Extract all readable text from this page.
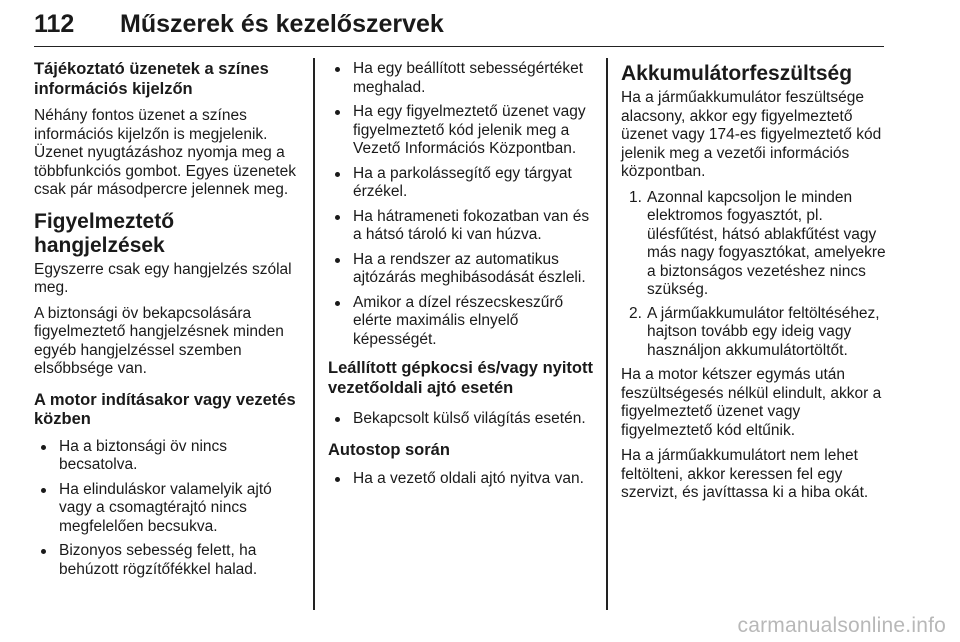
112 Műszerek és kezelőszervek
Tájékoztató üzenetek a színes információs kijelzőn

Néhány fontos üzenet a színes információs kijelzőn is megjelenik. Üzenet nyugtázáshoz nyomja meg a többfunkciós gombot. Egyes üzenetek csak pár másodpercre jelennek meg.

Figyelmeztető hangjelzések

Egyszerre csak egy hangjelzés szólal meg.

A biztonsági öv bekapcsolására figyelmeztető hangjelzésnek minden egyéb hangjelzéssel szemben elsőbbsége van.

A motor indításakor vagy vezetés közben
Ha a biztonsági öv nincs becsatolva.
Ha elinduláskor valamelyik ajtó vagy a csomagtérajtó nincs megfelelően becsukva.
Bizonyos sebesség felett, ha behúzott rögzítőfékkel halad.
Ha egy beállított sebességértéket meghalad.
Ha egy figyelmeztető üzenet vagy figyelmeztető kód jelenik meg a Vezető Információs Központban.
Ha a parkolássegítő egy tárgyat érzékel.
Ha hátrameneti fokozatban van és a hátsó tároló ki van húzva.
Ha a rendszer az automatikus ajtózárás meghibásodását észleli.
Amikor a dízel részecskeszűrő elérte maximális elnyelő képességét.
Leállított gépkocsi és/vagy nyitott vezetőoldali ajtó esetén
Bekapcsolt külső világítás esetén.
Autostop során
Ha a vezető oldali ajtó nyitva van.
Akkumulátorfeszültség

Ha a járműakkumulátor feszültsége alacsony, akkor egy figyelmeztető üzenet vagy 174-es figyelmeztető kód jelenik meg a vezetői információs központban.

1. Azonnal kapcsoljon le minden elektromos fogyasztót, pl. ülésfűtést, hátsó ablakfűtést vagy más nagy fogyasztókat, amelyekre a biztonságos vezetéshez nincs szükség.
2. A járműakkumulátor feltöltéséhez, hajtson tovább egy ideig vagy használjon akkumulátortöltőt.

Ha a motor kétszer egymás után feszültségesés nélkül elindult, akkor a figyelmeztető üzenet vagy figyelmeztető kód eltűnik.

Ha a járműakkumulátort nem lehet feltölteni, akkor keressen fel egy szervizt, és javíttassa ki a hiba okát.

carmanualsonline.info
